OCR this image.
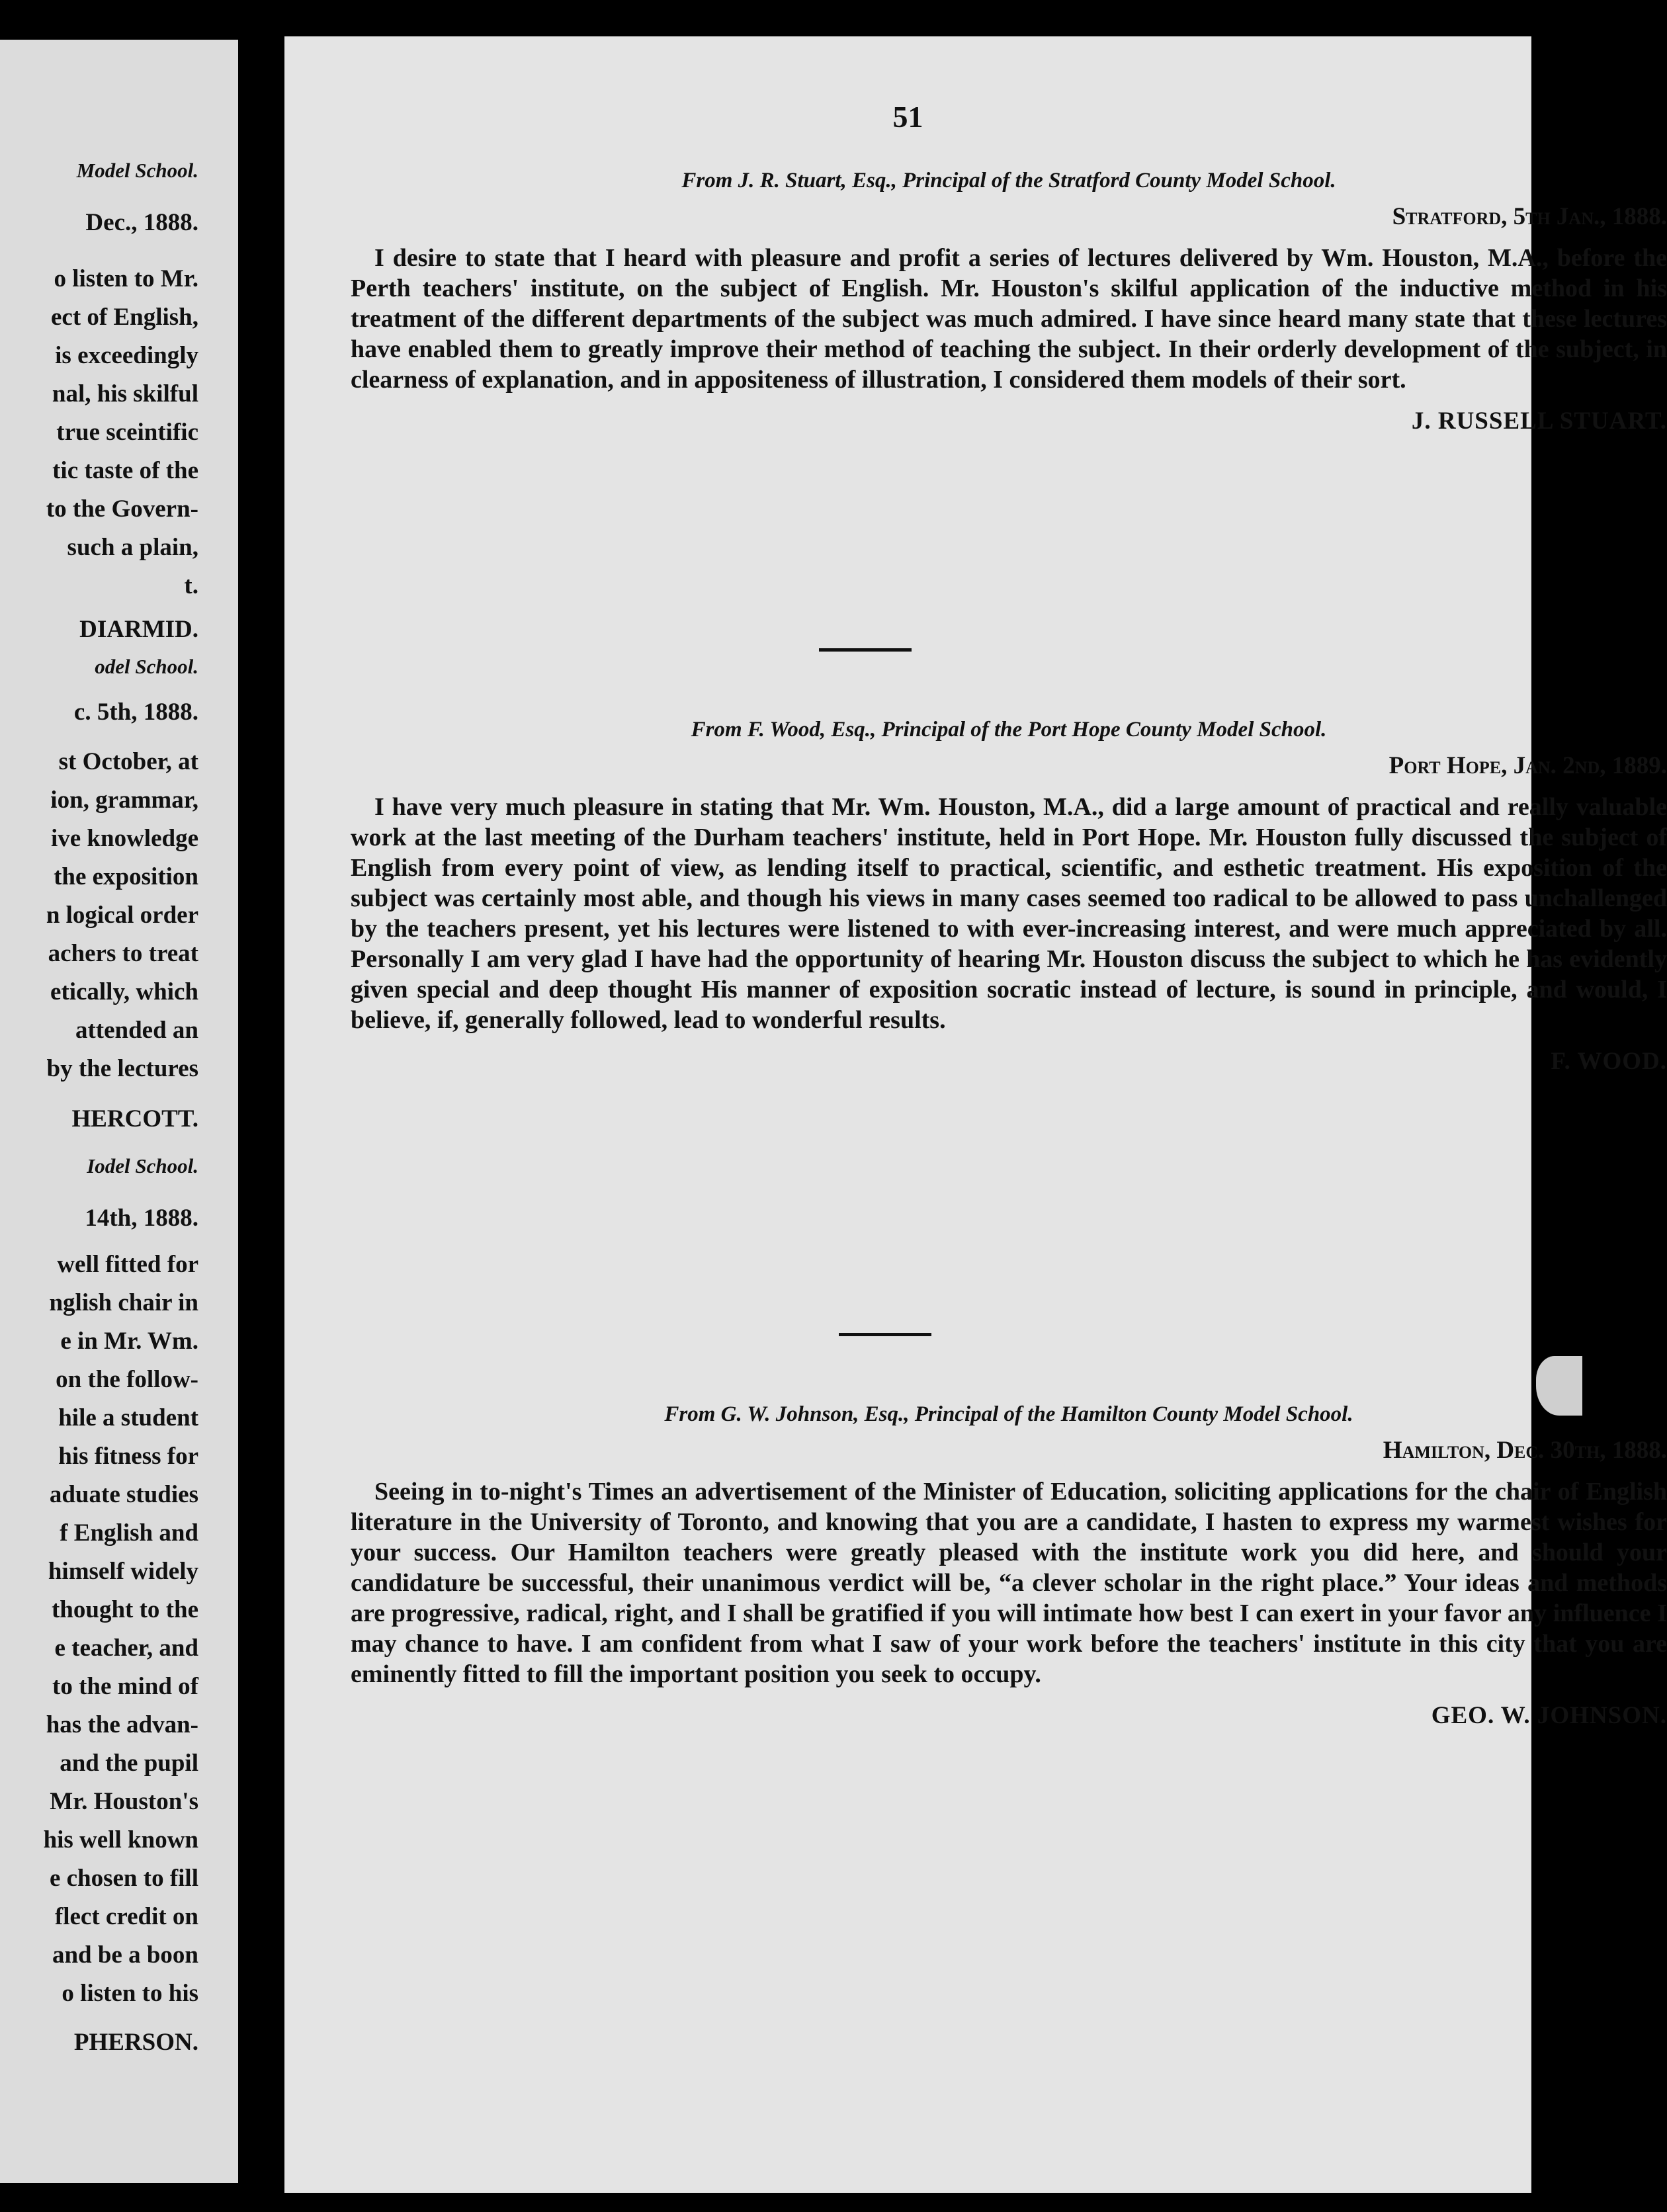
Model School.
Dec., 1888.
o listen to Mr.
ect of English,
is exceedingly
nal, his skilful
true sceintific
tic taste of the
to the Govern-
such a plain,
t.
DIARMID.
odel School.
c. 5th, 1888.
st October, at
ion, grammar,
ive knowledge
the exposition
n logical order
achers to treat
etically, which
attended an
by the lectures
HERCOTT.
Iodel School.
14th, 1888.
well fitted for
nglish chair in
e in Mr. Wm.
on the follow-
hile a student
his fitness for
aduate studies
f English and
himself widely
thought to the
e teacher, and
to the mind of
has the advan-
and the pupil
Mr. Houston's
his well known
e chosen to fill
flect credit on
and be a boon
o listen to his
PHERSON.
51
From J. R. Stuart, Esq., Principal of the Stratford County Model School.
Stratford, 5th Jan., 1888.
I desire to state that I heard with pleasure and profit a series of lectures delivered by Wm. Houston, M.A., before the Perth teachers' institute, on the subject of English. Mr. Houston's skilful application of the inductive method in his treatment of the different departments of the subject was much admired. I have since heard many state that these lectures have enabled them to greatly improve their method of teaching the subject. In their orderly development of the subject, in clearness of explanation, and in appositeness of illustration, I considered them models of their sort.
J. RUSSELL STUART.
From F. Wood, Esq., Principal of the Port Hope County Model School.
Port Hope, Jan. 2nd, 1889.
I have very much pleasure in stating that Mr. Wm. Houston, M.A., did a large amount of practical and really valuable work at the last meeting of the Durham teachers' institute, held in Port Hope. Mr. Houston fully discussed the subject of English from every point of view, as lending itself to practical, scientific, and esthetic treatment. His exposition of the subject was certainly most able, and though his views in many cases seemed too radical to be allowed to pass unchallenged by the teachers present, yet his lectures were listened to with ever-increasing interest, and were much appreciated by all. Personally I am very glad I have had the opportunity of hearing Mr. Houston discuss the subject to which he has evidently given special and deep thought His manner of exposition socratic instead of lecture, is sound in principle, and would, I believe, if, generally followed, lead to wonderful results.
F. WOOD.
From G. W. Johnson, Esq., Principal of the Hamilton County Model School.
Hamilton, Dec. 30th, 1888.
Seeing in to-night's Times an advertisement of the Minister of Education, soliciting applications for the chair of English literature in the University of Toronto, and knowing that you are a candidate, I hasten to express my warmest wishes for your success. Our Hamilton teachers were greatly pleased with the institute work you did here, and should your candidature be successful, their unanimous verdict will be, “a clever scholar in the right place.” Your ideas and methods are progressive, radical, right, and I shall be gratified if you will intimate how best I can exert in your favor any influence I may chance to have. I am confident from what I saw of your work before the teachers' institute in this city that you are eminently fitted to fill the important position you seek to occupy.
GEO. W. JOHNSON.
